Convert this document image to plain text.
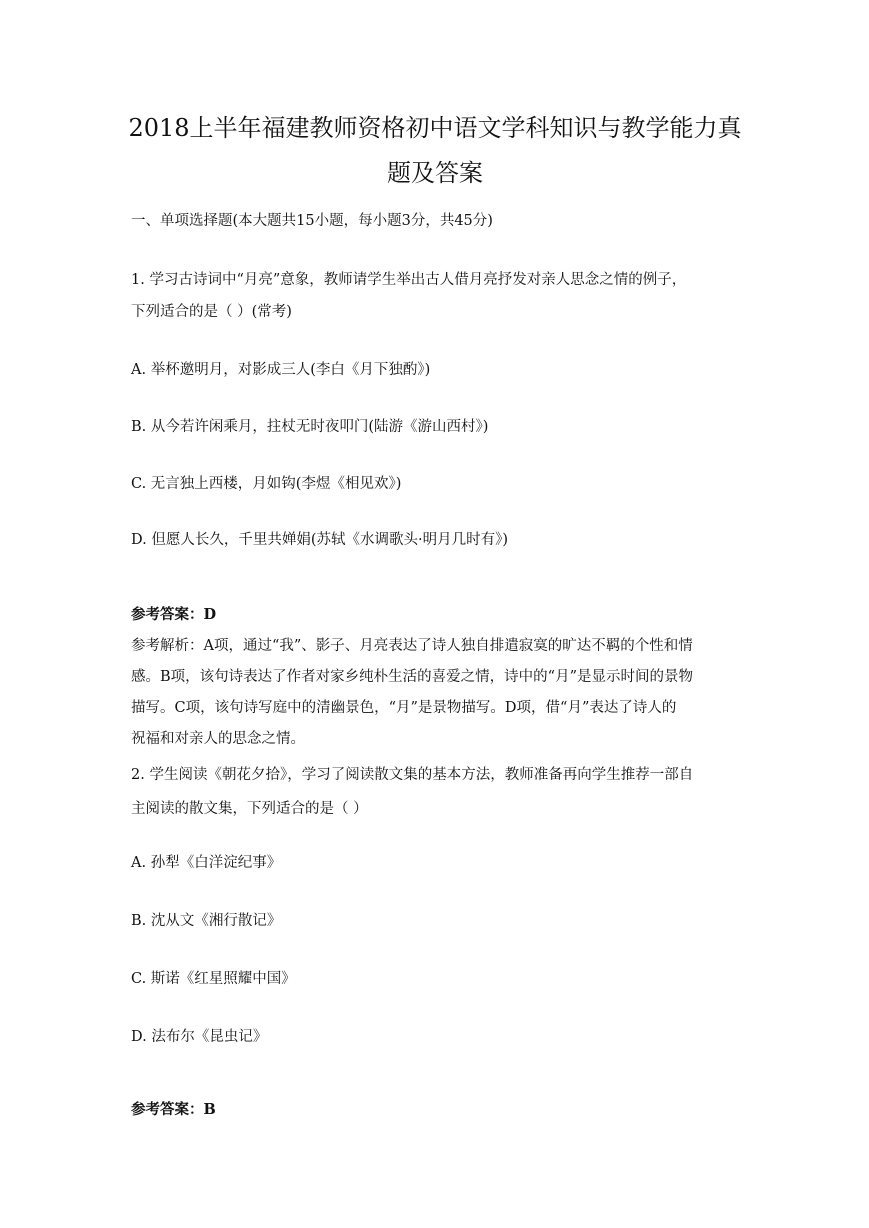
2018上半年福建教师资格初中语文学科知识与教学能力真
题及答案
一、单项选择题(本大题共15小题，每小题3分，共45分)
1. 学习古诗词中“月亮”意象，教师请学生举出古人借月亮抒发对亲人思念之情的例子，
下列适合的是（ ）(常考)
A. 举杯邀明月，对影成三人(李白《月下独酌》)
B. 从今若许闲乘月，拄杖无时夜叩门(陆游《游山西村》)
C. 无言独上西楼，月如钩(李煜《相见欢》)
D. 但愿人长久，千里共婵娟(苏轼《水调歌头·明月几时有》)
参考答案：D
参考解析：A项，通过“我”、影子、月亮表达了诗人独自排遣寂寞的旷达不羁的个性和情
感。B项，该句诗表达了作者对家乡纯朴生活的喜爱之情，诗中的“月”是显示时间的景物
描写。C项，该句诗写庭中的清幽景色，“月”是景物描写。D项，借“月”表达了诗人的
祝福和对亲人的思念之情。
2. 学生阅读《朝花夕拾》，学习了阅读散文集的基本方法，教师准备再向学生推荐一部自
主阅读的散文集，下列适合的是（ ）
A. 孙犁《白洋淀纪事》
B. 沈从文《湘行散记》
C. 斯诺《红星照耀中国》
D. 法布尔《昆虫记》
参考答案：B
